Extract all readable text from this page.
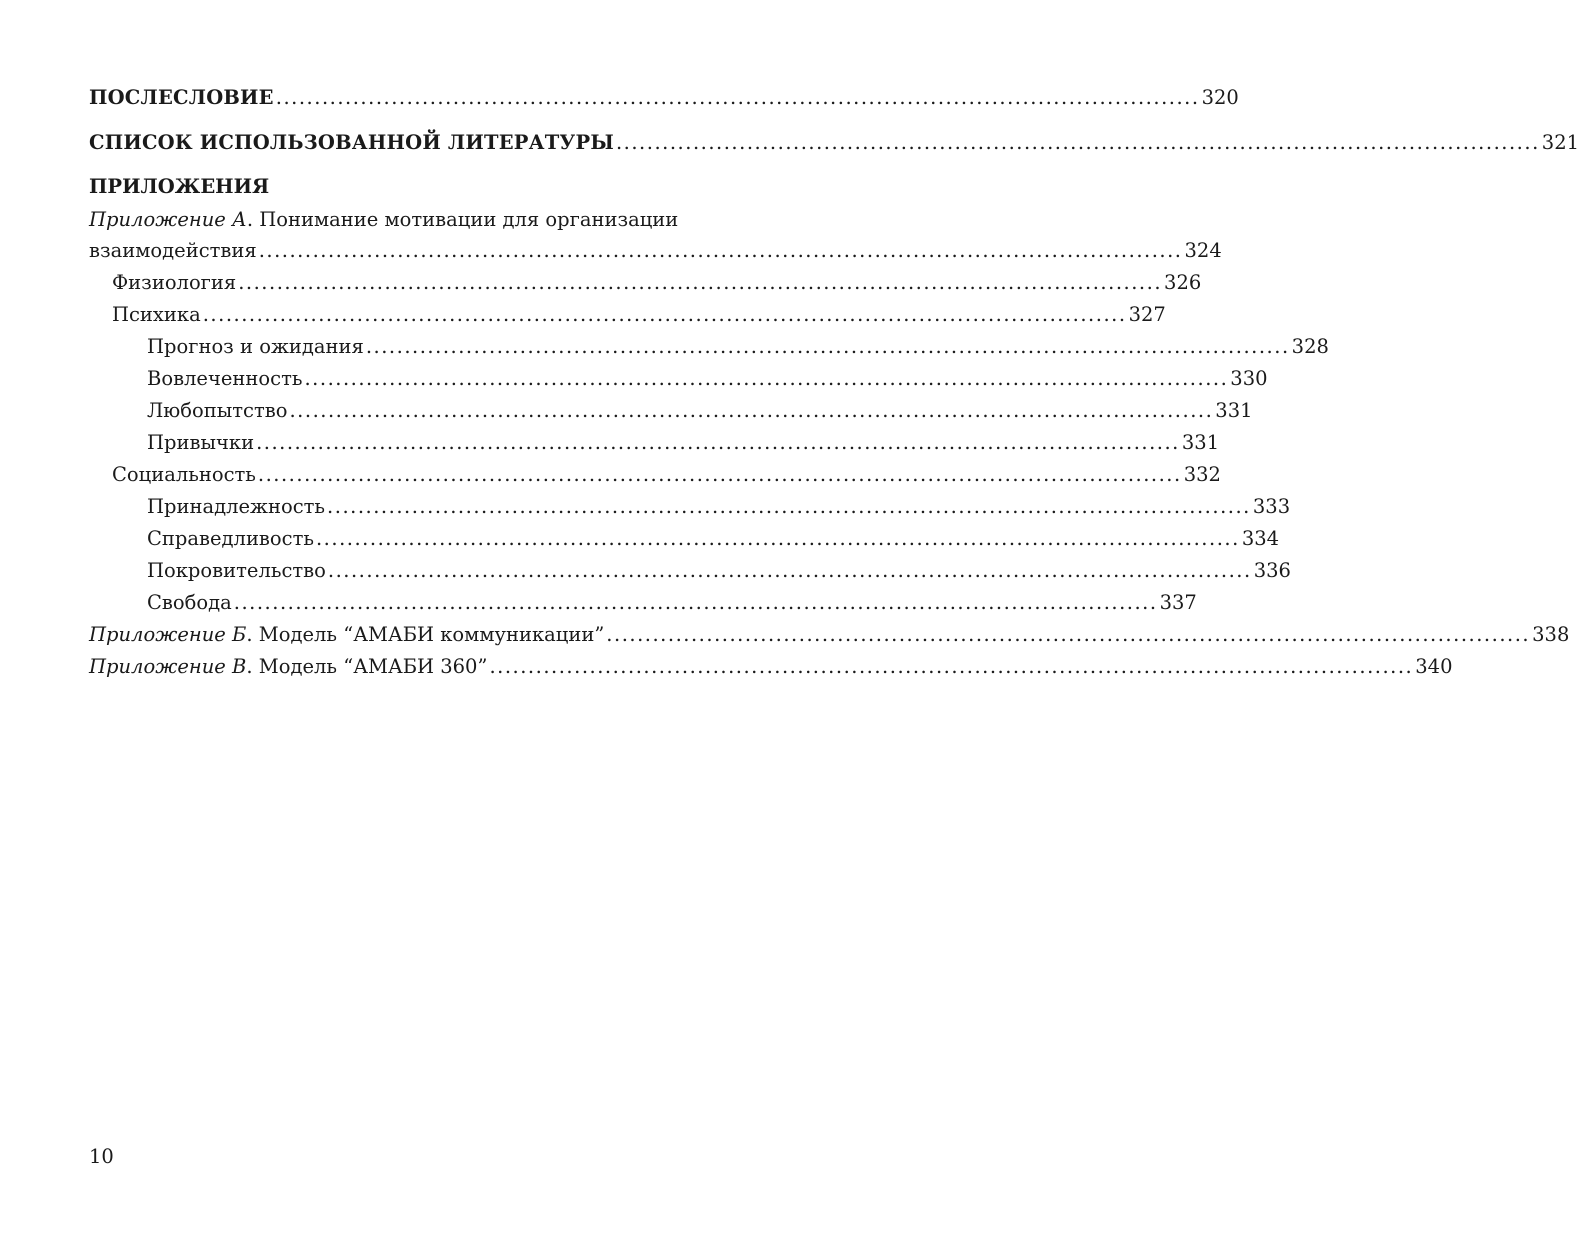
ПОСЛЕСЛОВИЕ ........................................................................................................................ 320
СПИСОК ИСПОЛЬЗОВАННОЙ ЛИТЕРАТУРЫ ........................................................................................................................ 321
ПРИЛОЖЕНИЯ
Приложение А. Понимание мотивации для организации
взаимодействия ........................................................................................................................ 324
Физиология ........................................................................................................................ 326
Психика ........................................................................................................................ 327
Прогноз и ожидания ........................................................................................................................ 328
Вовлеченность ........................................................................................................................ 330
Любопытство ........................................................................................................................ 331
Привычки ........................................................................................................................ 331
Социальность ........................................................................................................................ 332
Принадлежность ........................................................................................................................ 333
Справедливость ........................................................................................................................ 334
Покровительство ........................................................................................................................ 336
Свобода ........................................................................................................................ 337
Приложение Б. Модель “АМАБИ коммуникации” ........................................................................................................................ 338
Приложение В. Модель “АМАБИ 360” ........................................................................................................................ 340
10
